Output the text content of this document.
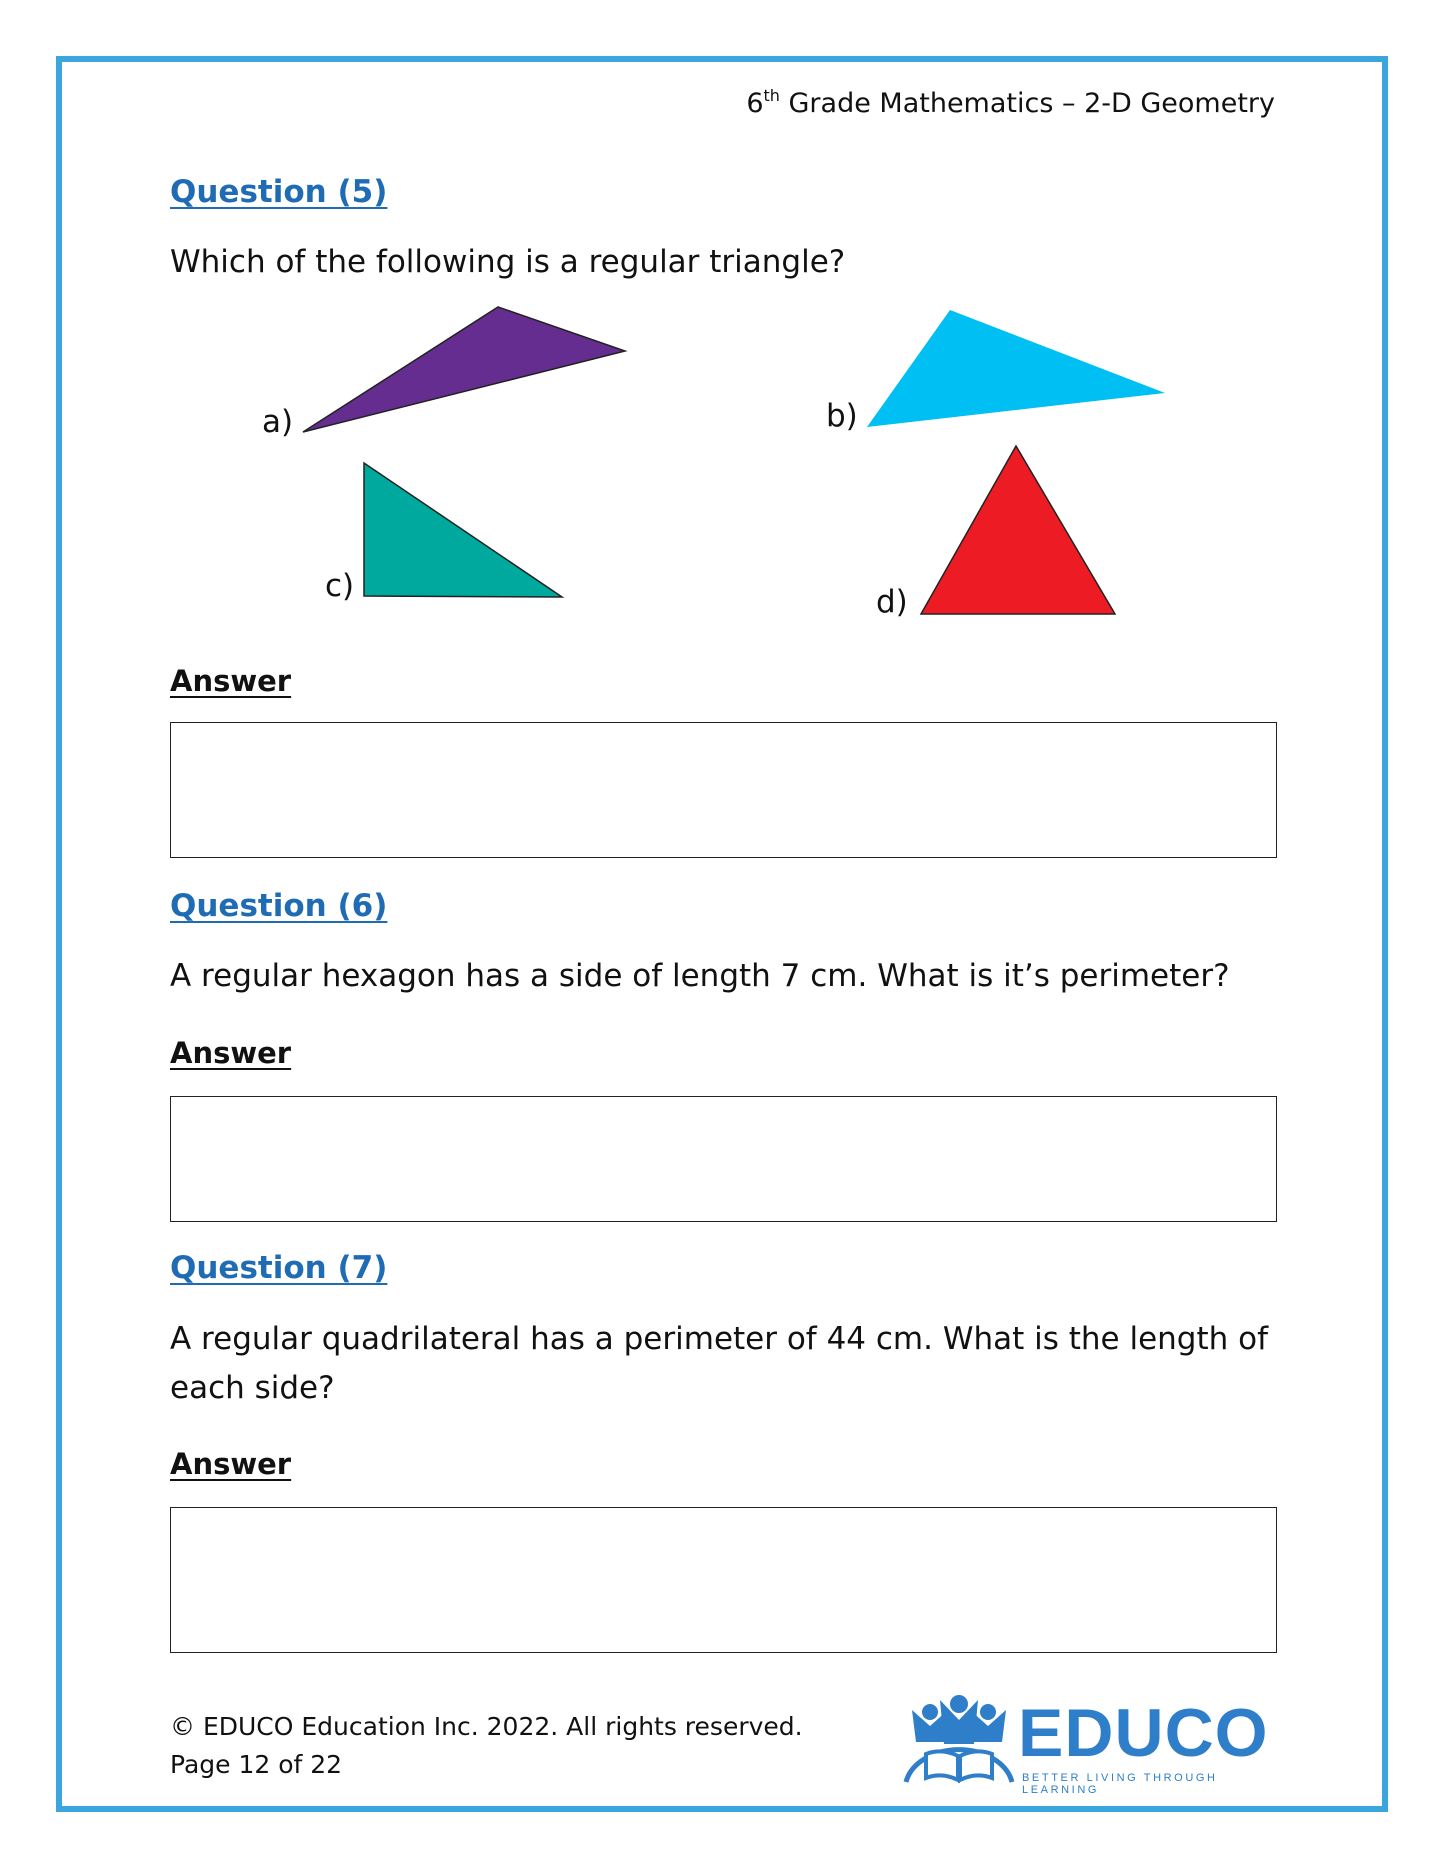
6th Grade Mathematics – 2-D Geometry
Question (5)
Which of the following is a regular triangle?
a)	b)
c)	d)
Answer
Question (6)
A regular hexagon has a side of length 7 cm. What is it’s perimeter?
Answer
Question (7)
A regular quadrilateral has a perimeter of 44 cm. What is the length of each side?
Answer
© EDUCO Education Inc. 2022. All rights reserved.
Page 12 of 22	EDUCO
BETTER LIVING THROUGH LEARNING
